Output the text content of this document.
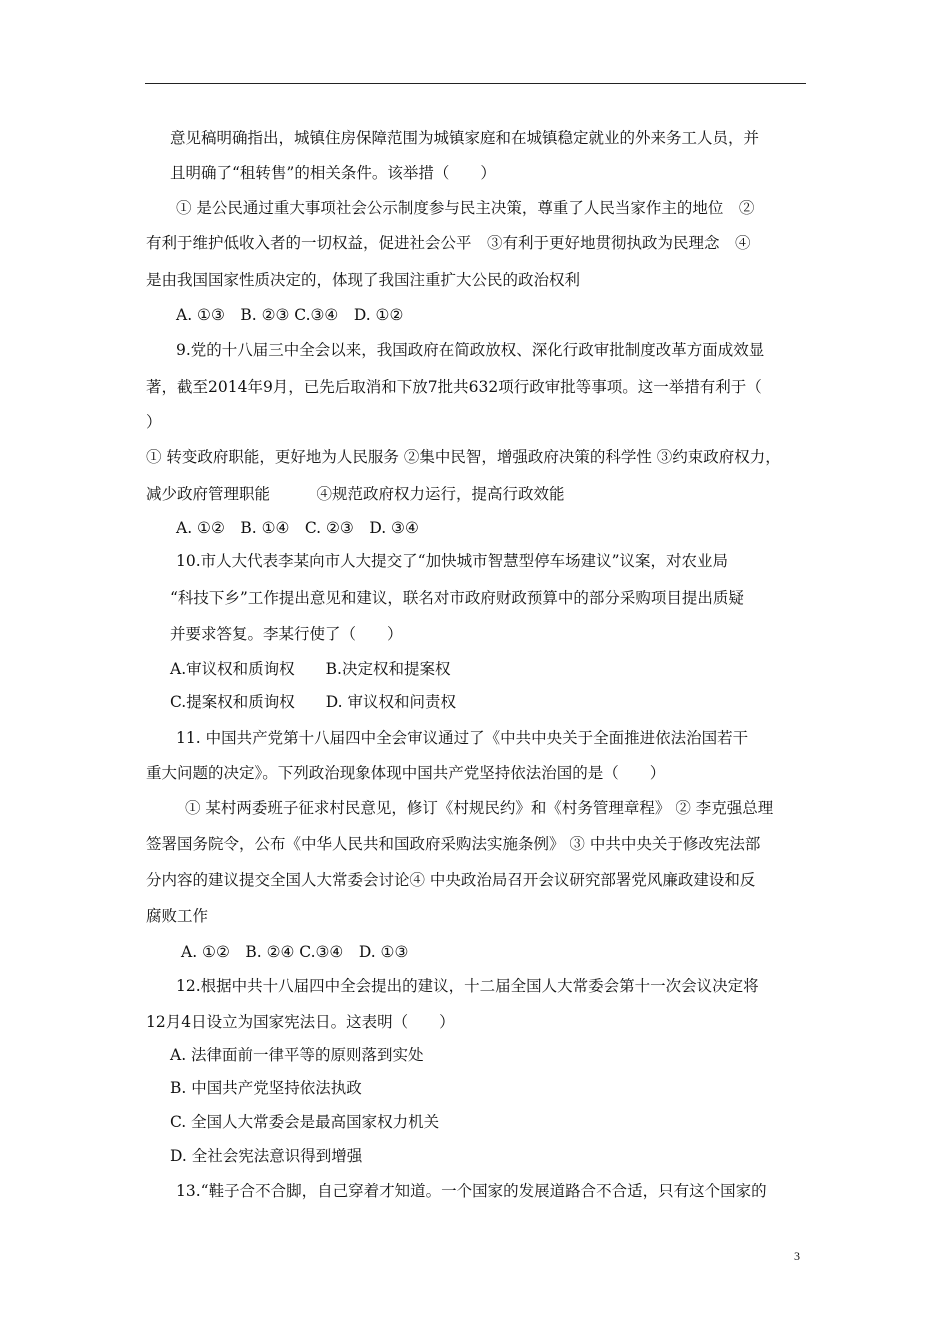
意见稿明确指出，城镇住房保障范围为城镇家庭和在城镇稳定就业的外来务工人员，并
且明确了“租转售”的相关条件。该举措（　　）
① 是公民通过重大事项社会公示制度参与民主决策，尊重了人民当家作主的地位　②
有利于维护低收入者的一切权益，促进社会公平　③有利于更好地贯彻执政为民理念　④
是由我国国家性质决定的，体现了我国注重扩大公民的政治权利
A. ①③　B. ②③ C.③④　D. ①②
9.党的十八届三中全会以来，我国政府在简政放权、深化行政审批制度改革方面成效显
著，截至2014年9月，已先后取消和下放7批共632项行政审批等事项。这一举措有利于（
）
① 转变政府职能，更好地为人民服务 ②集中民智，增强政府决策的科学性 ③约束政府权力，
减少政府管理职能　　　④规范政府权力运行，提高行政效能
A. ①②　B. ①④　C. ②③　D. ③④
10.市人大代表李某向市人大提交了“加快城市智慧型停车场建议”议案，对农业局
“科技下乡”工作提出意见和建议，联名对市政府财政预算中的部分采购项目提出质疑
并要求答复。李某行使了（　　）
A.审议权和质询权　　B.决定权和提案权
C.提案权和质询权　　D. 审议权和问责权
11. 中国共产党第十八届四中全会审议通过了《中共中央关于全面推进依法治国若干
重大问题的决定》。下列政治现象体现中国共产党坚持依法治国的是（　　）
① 某村两委班子征求村民意见，修订《村规民约》和《村务管理章程》 ② 李克强总理
签署国务院令，公布《中华人民共和国政府采购法实施条例》 ③ 中共中央关于修改宪法部
分内容的建议提交全国人大常委会讨论④ 中央政治局召开会议研究部署党风廉政建设和反
腐败工作
A. ①②　B. ②④ C.③④　D. ①③
12.根据中共十八届四中全会提出的建议，十二届全国人大常委会第十一次会议决定将
12月4日设立为国家宪法日。这表明（　　）
A. 法律面前一律平等的原则落到实处
B. 中国共产党坚持依法执政
C. 全国人大常委会是最高国家权力机关
D. 全社会宪法意识得到增强
13.“鞋子合不合脚，自己穿着才知道。一个国家的发展道路合不合适，只有这个国家的
3
